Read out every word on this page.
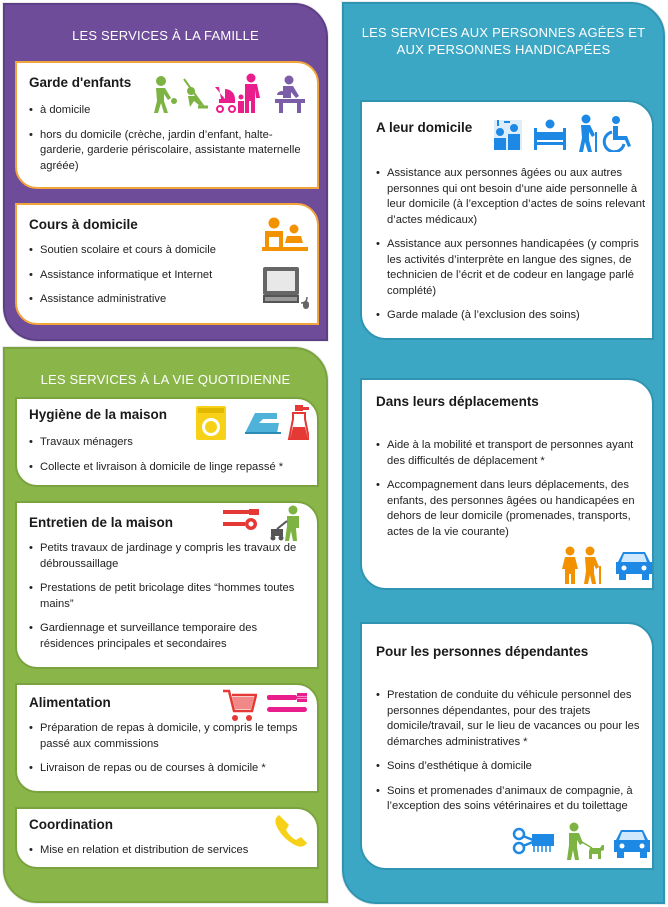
LES SERVICES À LA FAMILLE
Garde d'enfants
• à domicile
• hors du domicile (crèche, jardin d’enfant, halte-garderie, garderie périscolaire, assistante maternelle agréée)
Cours à domicile
• Soutien scolaire et cours à domicile
• Assistance informatique et Internet
• Assistance administrative
LES SERVICES À LA VIE QUOTIDIENNE
Hygiène de la maison
• Travaux ménagers
• Collecte et livraison à domicile de linge repassé *
Entretien de la maison
• Petits travaux de jardinage y compris les travaux de débroussaillage
• Prestations de petit bricolage dites “hommes toutes mains”
• Gardiennage et surveillance temporaire des résidences principales et secondaires
Alimentation
• Préparation de repas à domicile, y compris le temps passé aux commissions
• Livraison de repas ou de courses à domicile *
Coordination
• Mise en relation et distribution de services
LES SERVICES AUX PERSONNES AGÉES ET AUX PERSONNES HANDICAPÉES
A leur domicile
• Assistance aux personnes âgées ou aux autres personnes qui ont besoin d’une aide personnelle à leur domicile (à l’exception d’actes de soins relevant d’actes médicaux)
• Assistance aux personnes handicapées (y compris les activités d’interprète en langue des signes, de technicien de l’écrit et de codeur en langage parlé complété)
• Garde malade (à l’exclusion des soins)
Dans leurs déplacements
• Aide à la mobilité et transport de personnes ayant des difficultés de déplacement *
• Accompagnement dans leurs déplacements, des enfants, des personnes âgées ou handicapées en dehors de leur domicile (promenades, transports, actes de la vie courante)
Pour les personnes dépendantes
• Prestation de conduite du véhicule personnel des personnes dépendantes, pour des trajets domicile/travail, sur le lieu de vacances ou pour les démarches administratives *
• Soins d’esthétique à domicile
• Soins et promenades d’animaux de compagnie, à l’exception des soins vétérinaires et du toilettage
